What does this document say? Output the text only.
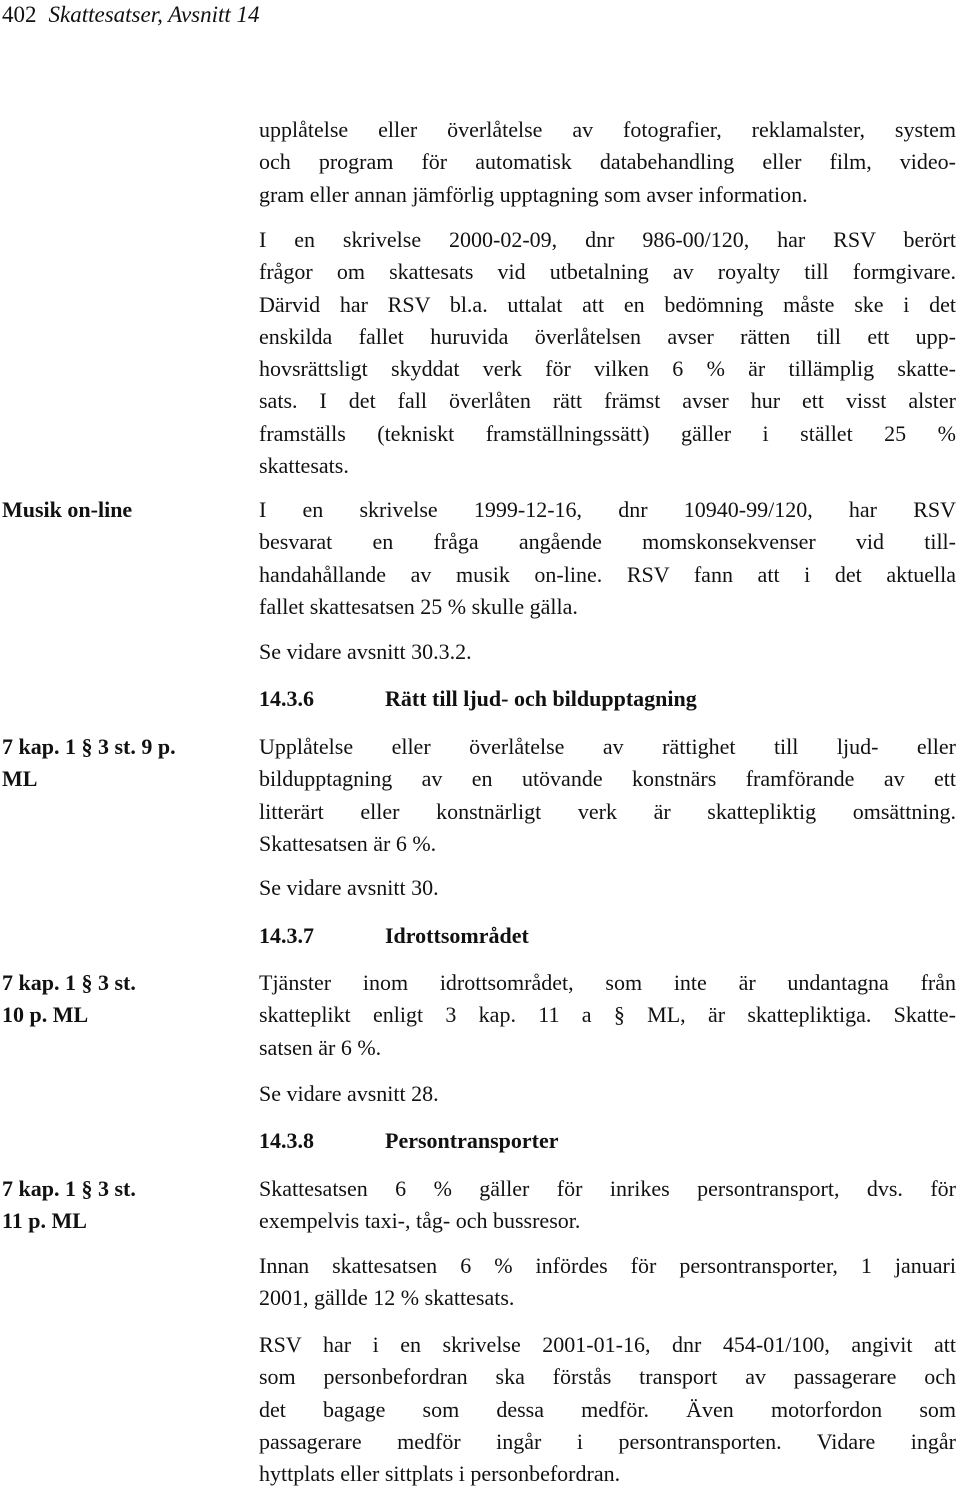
402 Skattesatser, Avsnitt 14
Musik on-line
7 kap. 1 § 3 st. 9 p.
ML
7 kap. 1 § 3 st.
10 p. ML
7 kap. 1 § 3 st.
11 p. ML
upplåtelse eller överlåtelse av fotografier, reklamalster, system
och program för automatisk databehandling eller film, video-
gram eller annan jämförlig upptagning som avser information.
I en skrivelse 2000-02-09, dnr 986-00/120, har RSV berört
frågor om skattesats vid utbetalning av royalty till formgivare.
Därvid har RSV bl.a. uttalat att en bedömning måste ske i det
enskilda fallet huruvida överlåtelsen avser rätten till ett upp-
hovsrättsligt skyddat verk för vilken 6 % är tillämplig skatte-
sats. I det fall överlåten rätt främst avser hur ett visst alster
framställs (tekniskt framställningssätt) gäller i stället 25 %
skattesats.
I en skrivelse 1999-12-16, dnr 10940-99/120, har RSV
besvarat en fråga angående momskonsekvenser vid till-
handahållande av musik on-line. RSV fann att i det aktuella
fallet skattesatsen 25 % skulle gälla.
Se vidare avsnitt 30.3.2.
14.3.6	Rätt till ljud- och bildupptagning
Upplåtelse eller överlåtelse av rättighet till ljud- eller
bildupptagning av en utövande konstnärs framförande av ett
litterärt eller konstnärligt verk är skattepliktig omsättning.
Skattesatsen är 6 %.
Se vidare avsnitt 30.
14.3.7	Idrottsområdet
Tjänster inom idrottsområdet, som inte är undantagna från
skatteplikt enligt 3 kap. 11 a § ML, är skattepliktiga. Skatte-
satsen är 6 %.
Se vidare avsnitt 28.
14.3.8	Persontransporter
Skattesatsen 6 % gäller för inrikes persontransport, dvs. för
exempelvis taxi-, tåg- och bussresor.
Innan skattesatsen 6 % infördes för persontransporter, 1 januari
2001, gällde 12 % skattesats.
RSV har i en skrivelse 2001-01-16, dnr 454-01/100, angivit att
som personbefordran ska förstås transport av passagerare och
det bagage som dessa medför. Även motorfordon som
passagerare medför ingår i persontransporten. Vidare ingår
hyttplats eller sittplats i personbefordran.
